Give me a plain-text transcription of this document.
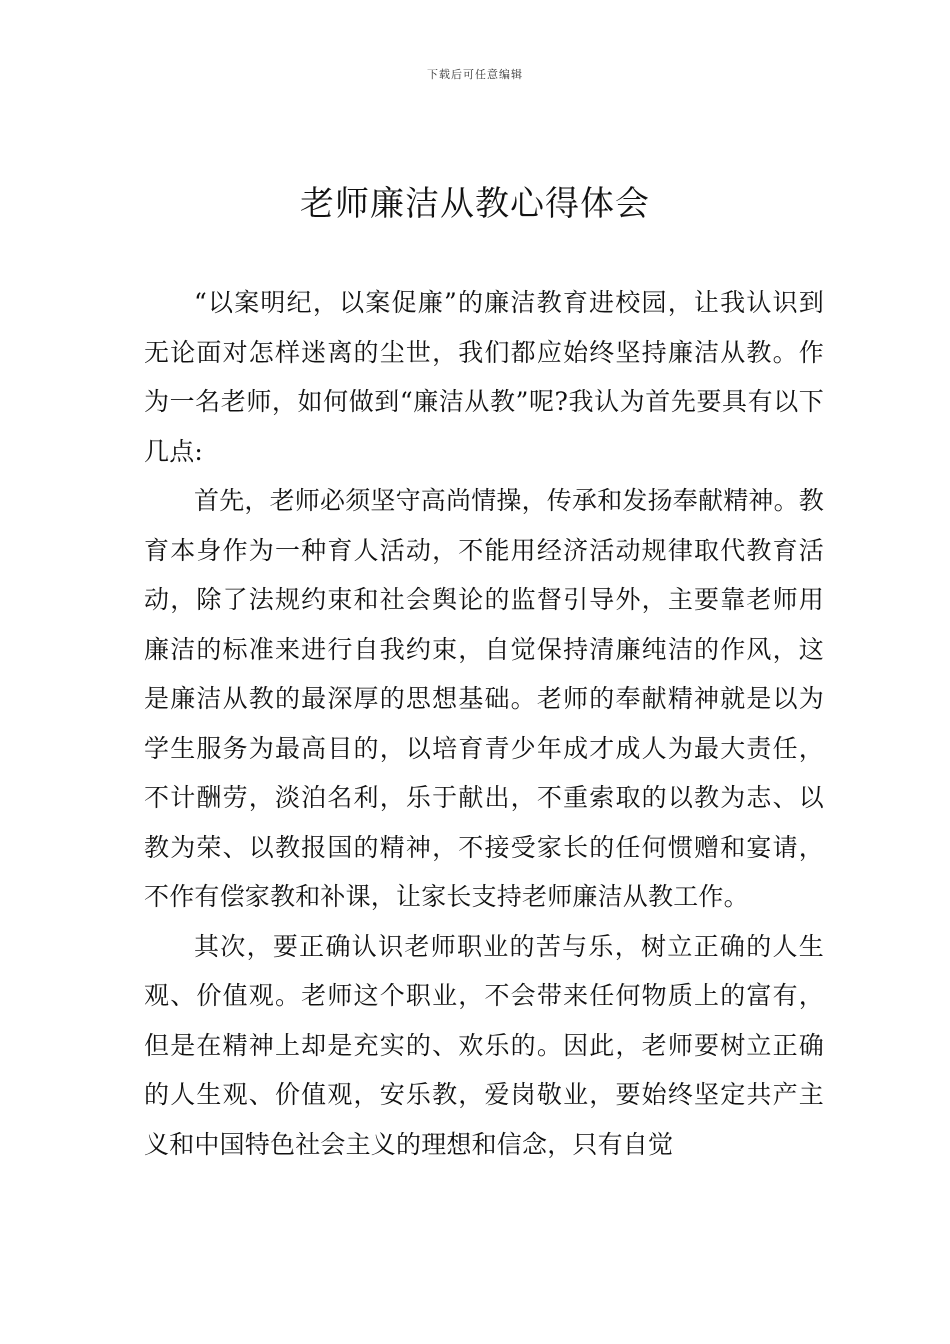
下载后可任意编辑
老师廉洁从教心得体会

“以案明纪，以案促廉”的廉洁教育进校园，让我认识到无论面对怎样迷离的尘世，我们都应始终坚持廉洁从教。作为一名老师，如何做到“廉洁从教”呢?我认为首先要具有以下几点:

首先，老师必须坚守高尚情操，传承和发扬奉献精神。教育本身作为一种育人活动，不能用经济活动规律取代教育活动，除了法规约束和社会舆论的监督引导外，主要靠老师用廉洁的标准来进行自我约束，自觉保持清廉纯洁的作风，这是廉洁从教的最深厚的思想基础。老师的奉献精神就是以为学生服务为最高目的，以培育青少年成才成人为最大责任，不计酬劳，淡泊名利，乐于献出，不重索取的以教为志、以教为荣、以教报国的精神，不接受家长的任何惯赠和宴请，不作有偿家教和补课，让家长支持老师廉洁从教工作。

其次，要正确认识老师职业的苦与乐，树立正确的人生观、价值观。老师这个职业，不会带来任何物质上的富有，但是在精神上却是充实的、欢乐的。因此，老师要树立正确的人生观、价值观，安乐教，爱岗敬业，要始终坚定共产主义和中国特色社会主义的理想和信念，只有自觉
